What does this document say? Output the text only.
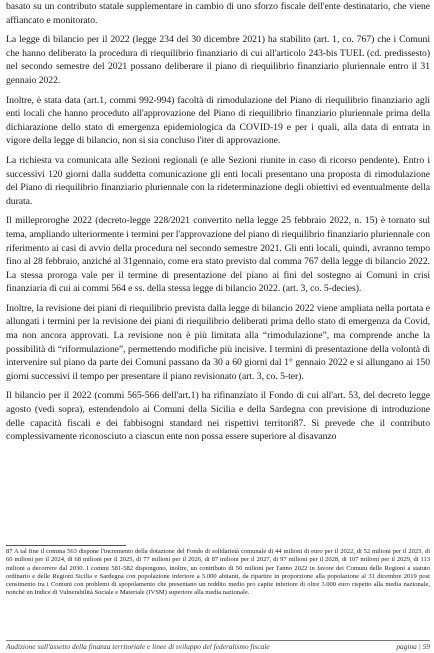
basato su un contributo statale supplementare in cambio di uno sforzo fiscale dell'ente destinatario, che viene affiancato e monitorato.

La legge di bilancio per il 2022 (legge 234 del 30 dicembre 2021) ha stabilito (art. 1, co. 767) che i Comuni che hanno deliberato la procedura di riequilibrio finanziario di cui all'articolo 243-bis TUEL (cd. predissesto) nel secondo semestre del 2021 possano deliberare il piano di riequilibrio finanziario pluriennale entro il 31 gennaio 2022.

Inoltre, è stata data (art.1, commi 992-994) facoltà di rimodulazione del Piano di riequilibrio finanziario agli enti locali che hanno proceduto all'approvazione del Piano di riequilibrio finanziario pluriennale prima della dichiarazione dello stato di emergenza epidemiologica da COVID-19 e per i quali, alla data di entrata in vigore della legge di bilancio, non si sia concluso l'iter di approvazione.

La richiesta va comunicata alle Sezioni regionali (e alle Sezioni riunite in caso di ricorso pendente). Entro i successivi 120 giorni dalla suddetta comunicazione gli enti locali presentano una proposta di rimodulazione del Piano di riequilibrio finanziario pluriennale con la rideterminazione degli obiettivi ed eventualmente della durata.

Il milleproroghe 2022 (decreto-legge 228/2021 convertito nella legge 25 febbraio 2022, n. 15) è tornato sul tema, ampliando ulteriormente i termini per l'approvazione del piano di riequilibrio finanziario pluriennale con riferimento ai casi di avvio della procedura nel secondo semestre 2021. Gli enti locali, quindi, avranno tempo fino al 28 febbraio, anziché al 31gennaio, come era stato previsto dal comma 767 della legge di bilancio 2022. La stessa proroga vale per il termine di presentazione del piano ai fini del sostegno ai Comuni in crisi finanziaria di cui ai commi 564 e ss. della stessa legge di bilancio 2022. (art. 3, co. 5-decies).

Inoltre, la revisione dei piani di riequilibrio prevista dalla legge di bilancio 2022 viene ampliata nella portata e allungati i termini per la revisione dei piani di riequilibrio deliberati prima dello stato di emergenza da Covid, ma non ancora approvati. La revisione non è più limitata alla “rimodulazione”, ma comprende anche la possibilità di “riformulazione”, permettendo modifiche più incisive. I termini di presentazione della volontà di intervenire sul piano da parte dei Comuni passano da 30 a 60 giorni dal 1° gennaio 2022 e si allungano ai 150 giorni successivi il tempo per presentare il piano revisionato (art. 3, co. 5-ter).

Il bilancio per il 2022 (commi 565-566 dell'art.1) ha rifinanziato il Fondo di cui all'art. 53, del decreto legge agosto (vedi sopra), estendendolo ai Comuni della Sicilia e della Sardegna con previsione di introduzione delle capacità fiscali e dei fabbisogni standard nei rispettivi territori87. Si prevede che il contributo complessivamente riconosciuto a ciascun ente non possa essere superiore al disavanzo

87 A tal fine il comma 563 dispone l'incremento della dotazione del Fondo di solidarietà comunale di 44 milioni di euro per il 2022, di 52 milioni per il 2023, di 60 milioni per il 2024, di 68 milioni per il 2025, di 77 milioni per il 2026, di 87 milioni per il 2027, di 97 milioni per il 2028, di 107 milioni per il 2029, di 113 milioni a decorrere dal 2030. I commi 581-582 dispongono, inoltre, un contributo di 50 milioni per l'anno 2022 in favore dei Comuni delle Regioni a statuto ordinario e delle Regioni Sicilia e Sardegna con popolazione inferiore a 5.000 abitanti, da ripartire in proporzione alla popolazione al 31 dicembre 2019 post censimento tra i Comuni con problemi di spopolamento che presentano un reddito medio pro capite inferiore di oltre 3.000 euro rispetto alla media nazionale, nonché un Indice di Vulnerabilità Sociale e Materiale (IVSM) superiore alla media nazionale.

Audizione sull'assetto della finanza territoriale e linee di sviluppo del federalismo fiscale	pagina | 59
